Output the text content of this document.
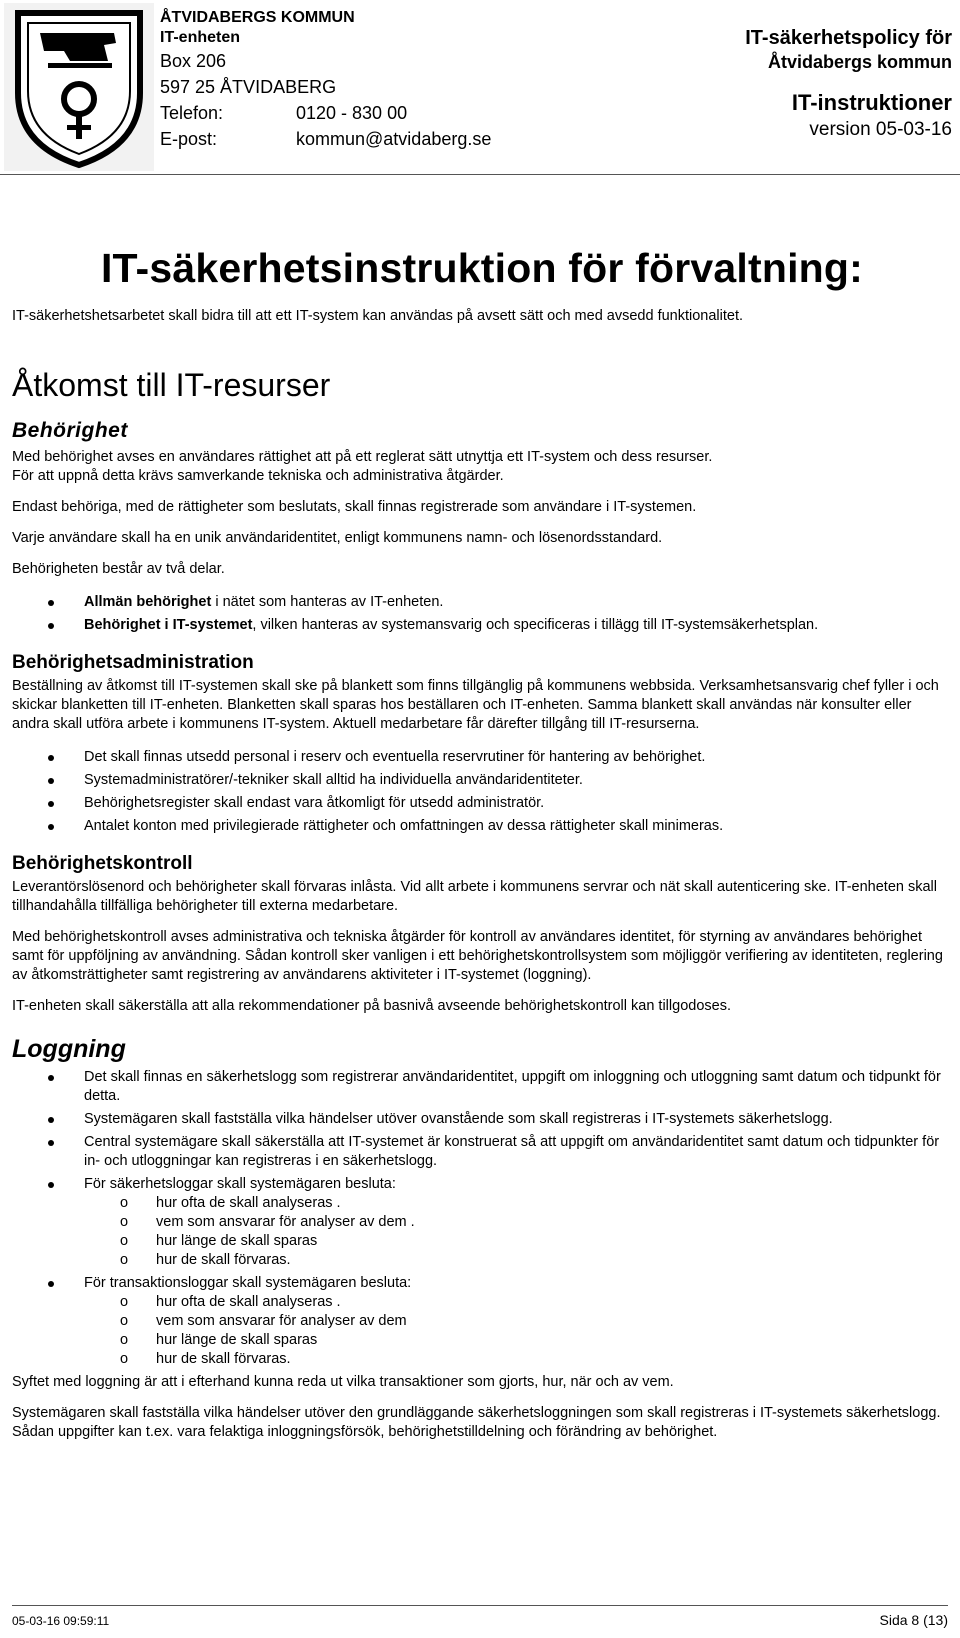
ÅTVIDABERGS KOMMUN
IT-enheten
Box 206
597 25 ÅTVIDABERG
Telefon:	0120 - 830 00
E-post:	kommun@atvidaberg.se
IT-säkerhetspolicy för
Åtvidabergs kommun
IT-instruktioner
version 05-03-16
IT-säkerhetsinstruktion för förvaltning:

IT-säkerhetshetsarbetet skall bidra till att ett IT-system kan användas på avsett sätt och med avsedd funktionalitet.

Åtkomst till IT-resurser
Behörighet

Med behörighet avses en användares rättighet att på ett reglerat sätt utnyttja ett IT-system och dess resurser.

För att uppnå detta krävs samverkande tekniska och administrativa åtgärder.

Endast behöriga, med de rättigheter som beslutats, skall finnas registrerade som användare i IT-systemen.

Varje användare skall ha en unik användaridentitet, enligt kommunens namn- och lösenordsstandard.

Behörigheten består av två delar.

Allmän behörighet i nätet som hanteras av IT-enheten.
Behörighet i IT-systemet, vilken hanteras av systemansvarig och specificeras i tillägg till IT-systemsäkerhetsplan.
Behörighetsadministration

Beställning av åtkomst till IT-systemen skall ske på blankett som finns tillgänglig på kommunens webbsida. Verksamhetsansvarig chef fyller i och skickar blanketten till IT-enheten. Blanketten skall sparas hos beställaren och IT-enheten. Samma blankett skall användas när konsulter eller andra skall utföra arbete i kommunens IT-system. Aktuell medarbetare får därefter tillgång till IT-resurserna.

Det skall finnas utsedd personal i reserv och eventuella reservrutiner för hantering av behörighet.
Systemadministratörer/-tekniker skall alltid ha individuella användaridentiteter.
Behörighetsregister skall endast vara åtkomligt för utsedd administratör.
Antalet konton med privilegierade rättigheter och omfattningen av dessa rättigheter skall minimeras.
Behörighetskontroll

Leverantörslösenord och behörigheter skall förvaras inlåsta. Vid allt arbete i kommunens servrar och nät skall autenticering ske. IT-enheten skall tillhandahålla tillfälliga behörigheter till externa medarbetare.

Med behörighetskontroll avses administrativa och tekniska åtgärder för kontroll av användares identitet, för styrning av användares behörighet samt för uppföljning av användning. Sådan kontroll sker vanligen i ett behörighetskontrollsystem som möjliggör verifiering av identiteten, reglering av åtkomsträttigheter samt registrering av användarens aktiviteter i IT-systemet (loggning).

IT-enheten skall säkerställa att alla rekommendationer på basnivå avseende behörighetskontroll kan tillgodoses.

Loggning
Det skall finnas en säkerhetslogg som registrerar användaridentitet, uppgift om inloggning och utloggning samt datum och tidpunkt för detta.
Systemägaren skall fastställa vilka händelser utöver ovanstående som skall registreras i IT-systemets säkerhetslogg.
Central systemägare skall säkerställa att IT-systemet är konstruerat så att uppgift om användaridentitet samt datum och tidpunkter för in- och utloggningar kan registreras i en säkerhetslogg.
För säkerhetsloggar skall systemägaren besluta:
o hur ofta de skall analyseras .
o vem som ansvarar för analyser av dem .
o hur länge de skall sparas
o hur de skall förvaras.
För transaktionsloggar skall systemägaren besluta:
o hur ofta de skall analyseras .
o vem som ansvarar för analyser av dem
o hur länge de skall sparas
o hur de skall förvaras.

Syftet med loggning är att i efterhand kunna reda ut vilka transaktioner som gjorts, hur, när och av vem.

Systemägaren skall fastställa vilka händelser utöver den grundläggande säkerhetsloggningen som skall registreras i IT-systemets säkerhetslogg. Sådan uppgifter kan t.ex. vara felaktiga inloggningsförsök, behörighetstilldelning och förändring av behörighet.

05-03-16 09:59:11	Sida 8 (13)
